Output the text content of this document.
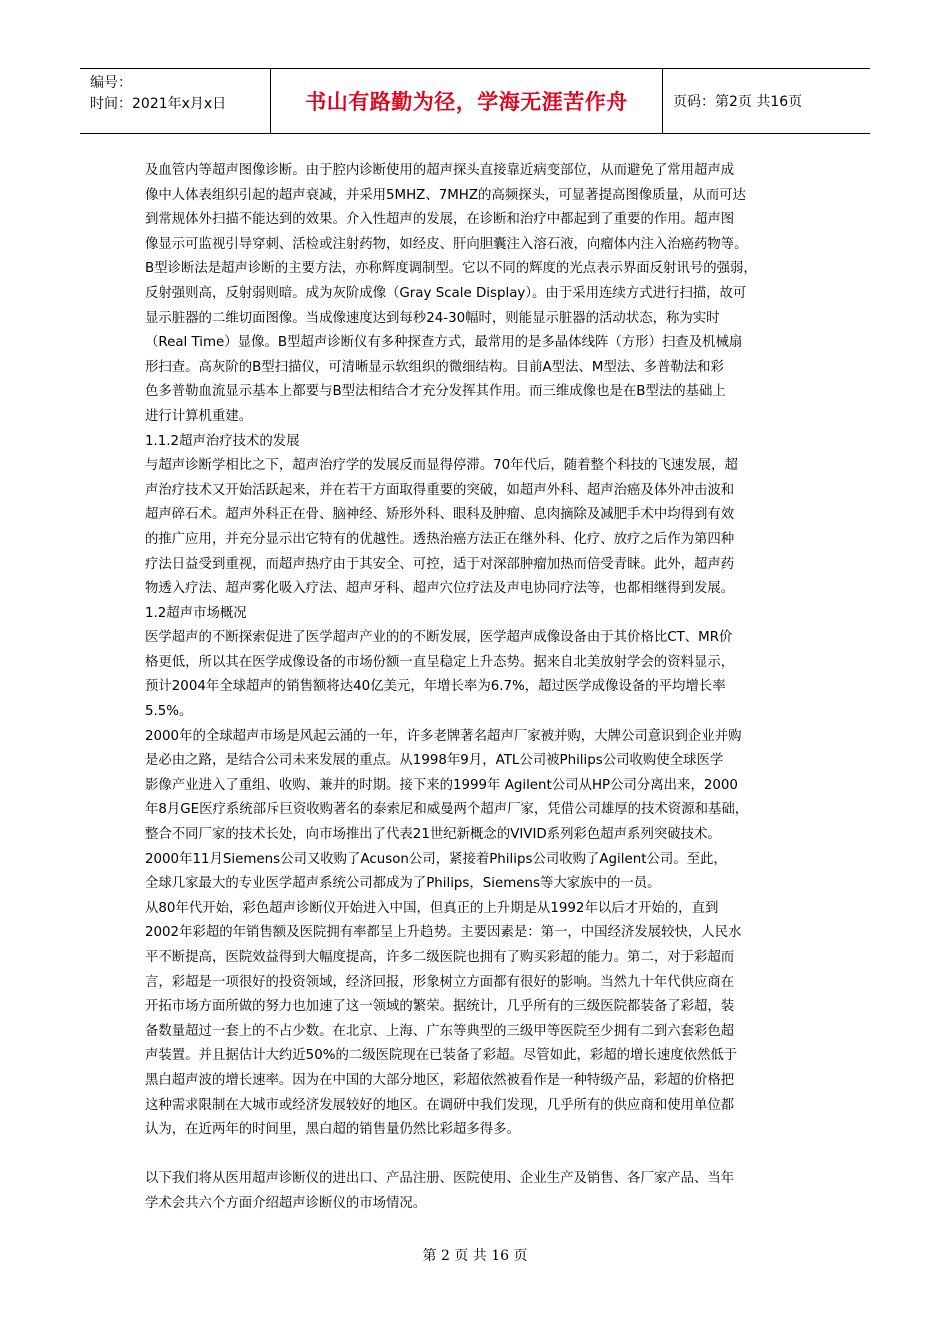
编号：
时间：2021年x月x日	书山有路勤为径，学海无涯苦作舟	页码：第2页 共16页
及血管内等超声图像诊断。由于腔内诊断使用的超声探头直接靠近病变部位，从而避免了常用超声成
像中人体表组织引起的超声衰减，并采用5MHZ、7MHZ的高频探头，可显著提高图像质量，从而可达
到常规体外扫描不能达到的效果。介入性超声的发展，在诊断和治疗中都起到了重要的作用。超声图
像显示可监视引导穿刺、活检或注射药物，如经皮、肝向胆囊注入溶石液，向瘤体内注入治癌药物等。
B型诊断法是超声诊断的主要方法，亦称辉度调制型。它以不同的辉度的光点表示界面反射讯号的强弱，
反射强则高，反射弱则暗。成为灰阶成像（Gray Scale Display）。由于采用连续方式进行扫描，故可
显示脏器的二维切面图像。当成像速度达到每秒24-30幅时，则能显示脏器的活动状态，称为实时
（Real Time）显像。B型超声诊断仪有多种探查方式，最常用的是多晶体线阵（方形）扫查及机械扇
形扫查。高灰阶的B型扫描仪，可清晰显示软组织的微细结构。目前A型法、M型法、多普勒法和彩
色多普勒血流显示基本上都要与B型法相结合才充分发挥其作用。而三维成像也是在B型法的基础上
进行计算机重建。
1.1.2超声治疗技术的发展
与超声诊断学相比之下，超声治疗学的发展反而显得停滞。70年代后，随着整个科技的飞速发展，超
声治疗技术又开始活跃起来，并在若干方面取得重要的突破，如超声外科、超声治癌及体外冲击波和
超声碎石术。超声外科正在骨、脑神经、矫形外科、眼科及肿瘤、息肉摘除及减肥手术中均得到有效
的推广应用，并充分显示出它特有的优越性。透热治癌方法正在继外科、化疗、放疗之后作为第四种
疗法日益受到重视，而超声热疗由于其安全、可控，适于对深部肿瘤加热而倍受青睐。此外，超声药
物透入疗法、超声雾化吸入疗法、超声牙科、超声穴位疗法及声电协同疗法等，也都相继得到发展。
1.2超声市场概况
医学超声的不断探索促进了医学超声产业的的不断发展，医学超声成像设备由于其价格比CT、MR价
格更低，所以其在医学成像设备的市场份额一直呈稳定上升态势。据来自北美放射学会的资料显示，
预计2004年全球超声的销售额将达40亿美元，年增长率为6.7%，超过医学成像设备的平均增长率
5.5%。
2000年的全球超声市场是风起云涌的一年，许多老牌著名超声厂家被并购，大牌公司意识到企业并购
是必由之路，是结合公司未来发展的重点。从1998年9月，ATL公司被Philips公司收购使全球医学
影像产业进入了重组、收购、兼并的时期。接下来的1999年 Agilent公司从HP公司分离出来，2000
年8月GE医疗系统部斥巨资收购著名的泰索尼和威曼两个超声厂家，凭借公司雄厚的技术资源和基础，
整合不同厂家的技术长处，向市场推出了代表21世纪新概念的VIVID系列彩色超声系列突破技术。
2000年11月Siemens公司又收购了Acuson公司，紧接着Philips公司收购了Agilent公司。至此，
全球几家最大的专业医学超声系统公司都成为了Philips，Siemens等大家族中的一员。
从80年代开始，彩色超声诊断仪开始进入中国，但真正的上升期是从1992年以后才开始的，直到
2002年彩超的年销售额及医院拥有率都呈上升趋势。主要因素是：第一，中国经济发展较快，人民水
平不断提高，医院效益得到大幅度提高，许多二级医院也拥有了购买彩超的能力。第二，对于彩超而
言，彩超是一项很好的投资领域，经济回报，形象树立方面都有很好的影响。当然九十年代供应商在
开拓市场方面所做的努力也加速了这一领域的繁荣。据统计，几乎所有的三级医院都装备了彩超，装
备数量超过一套上的不占少数。在北京、上海、广东等典型的三级甲等医院至少拥有二到六套彩色超
声装置。并且据估计大约近50%的二级医院现在已装备了彩超。尽管如此，彩超的增长速度依然低于
黑白超声波的增长速率。因为在中国的大部分地区，彩超依然被看作是一种特级产品，彩超的价格把
这种需求限制在大城市或经济发展较好的地区。在调研中我们发现，几乎所有的供应商和使用单位都
认为，在近两年的时间里，黑白超的销售量仍然比彩超多得多。
以下我们将从医用超声诊断仪的进出口、产品注册、医院使用、企业生产及销售、各厂家产品、当年
学术会共六个方面介绍超声诊断仪的市场情况。
第 2 页 共 16 页
